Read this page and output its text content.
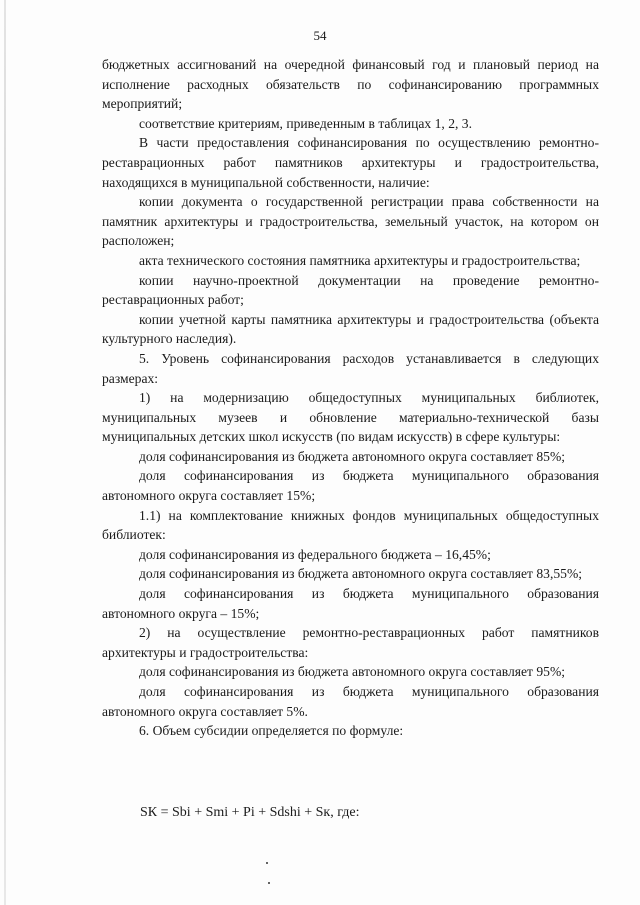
54

бюджетных ассигнований на очередной финансовый год и плановый период на исполнение расходных обязательств по софинансированию программных мероприятий;

соответствие критериям, приведенным в таблицах 1, 2, 3.

В части предоставления софинансирования по осуществлению ремонтно-реставрационных работ памятников архитектуры и градостроительства, находящихся в муниципальной собственности, наличие:

копии документа о государственной регистрации права собственности на памятник архитектуры и градостроительства, земельный участок, на котором он расположен;

акта технического состояния памятника архитектуры и градостроительства;

копии научно-проектной документации на проведение ремонтно-реставрационных работ;

копии учетной карты памятника архитектуры и градостроительства (объекта культурного наследия).

5. Уровень софинансирования расходов устанавливается в следующих размерах:

1) на модернизацию общедоступных муниципальных библиотек, муниципальных музеев и обновление материально-технической базы муниципальных детских школ искусств (по видам искусств) в сфере культуры:

доля софинансирования из бюджета автономного округа составляет 85%;

доля софинансирования из бюджета муниципального образования автономного округа составляет 15%;

1.1) на комплектование книжных фондов муниципальных общедоступных библиотек:

доля софинансирования из федерального бюджета – 16,45%;

доля софинансирования из бюджета автономного округа составляет 83,55%;

доля софинансирования из бюджета муниципального образования автономного округа – 15%;

2) на осуществление ремонтно-реставрационных работ памятников архитектуры и градостроительства:

доля софинансирования из бюджета автономного округа составляет 95%;

доля софинансирования из бюджета муниципального образования автономного округа составляет 5%.

6. Объем субсидии определяется по формуле:

SК = Sbi + Smi + Pi + Sdshi + Sк, где:
